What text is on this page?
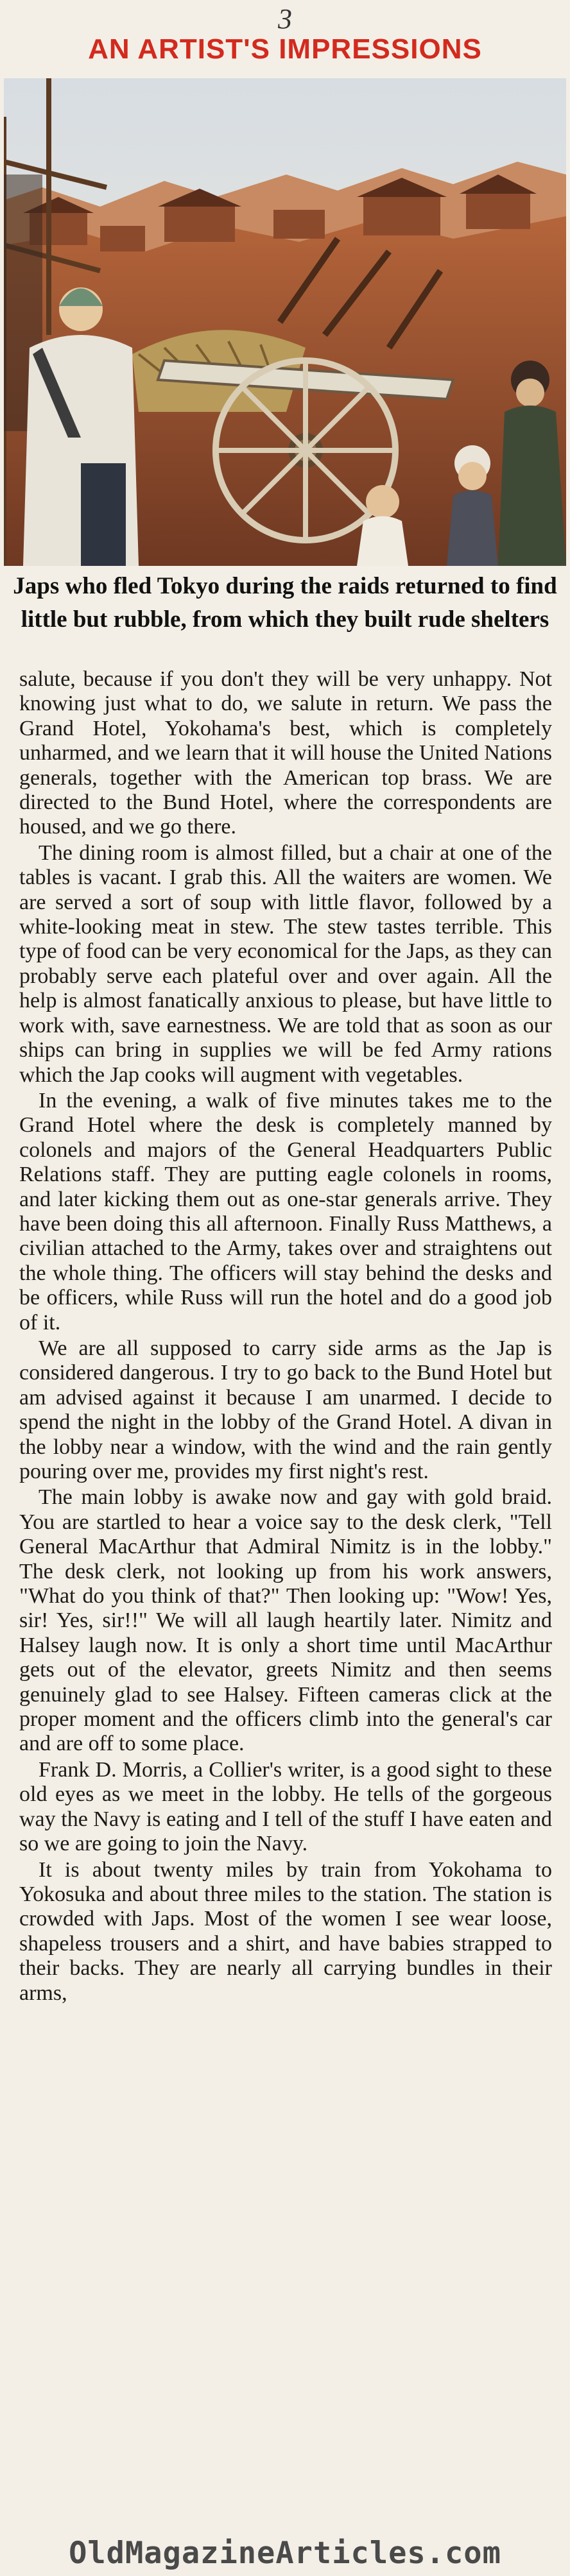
3
AN ARTIST'S IMPRESSIONS
Japs who fled Tokyo during the raids returned to find little but rubble, from which they built rude shelters

salute, because if you don't they will be very unhappy. Not knowing just what to do, we salute in return. We pass the Grand Hotel, Yokohama's best, which is completely unharmed, and we learn that it will house the United Nations generals, together with the American top brass. We are directed to the Bund Hotel, where the correspondents are housed, and we go there.

The dining room is almost filled, but a chair at one of the tables is vacant. I grab this. All the waiters are women. We are served a sort of soup with little flavor, followed by a white-looking meat in stew. The stew tastes terrible. This type of food can be very economical for the Japs, as they can probably serve each plateful over and over again. All the help is almost fanatically anxious to please, but have little to work with, save earnestness. We are told that as soon as our ships can bring in supplies we will be fed Army rations which the Jap cooks will augment with vegetables.

In the evening, a walk of five minutes takes me to the Grand Hotel where the desk is completely manned by colonels and majors of the General Headquarters Public Relations staff. They are putting eagle colonels in rooms, and later kicking them out as one-star generals arrive. They have been doing this all afternoon. Finally Russ Matthews, a civilian attached to the Army, takes over and straightens out the whole thing. The officers will stay behind the desks and be officers, while Russ will run the hotel and do a good job of it.

We are all supposed to carry side arms as the Jap is considered dangerous. I try to go back to the Bund Hotel but am advised against it because I am unarmed. I decide to spend the night in the lobby of the Grand Hotel. A divan in the lobby near a window, with the wind and the rain gently pouring over me, provides my first night's rest.

The main lobby is awake now and gay with gold braid. You are startled to hear a voice say to the desk clerk, "Tell General MacArthur that Admiral Nimitz is in the lobby." The desk clerk, not looking up from his work answers, "What do you think of that?" Then looking up: "Wow! Yes, sir! Yes, sir!!" We will all laugh heartily later. Nimitz and Halsey laugh now. It is only a short time until MacArthur gets out of the elevator, greets Nimitz and then seems genuinely glad to see Halsey. Fifteen cameras click at the proper moment and the officers climb into the general's car and are off to some place.

Frank D. Morris, a Collier's writer, is a good sight to these old eyes as we meet in the lobby. He tells of the gorgeous way the Navy is eating and I tell of the stuff I have eaten and so we are going to join the Navy.

It is about twenty miles by train from Yokohama to Yokosuka and about three miles to the station. The station is crowded with Japs. Most of the women I see wear loose, shapeless trousers and a shirt, and have babies strapped to their backs. They are nearly all carrying bundles in their arms,

OldMagazineArticles.com
